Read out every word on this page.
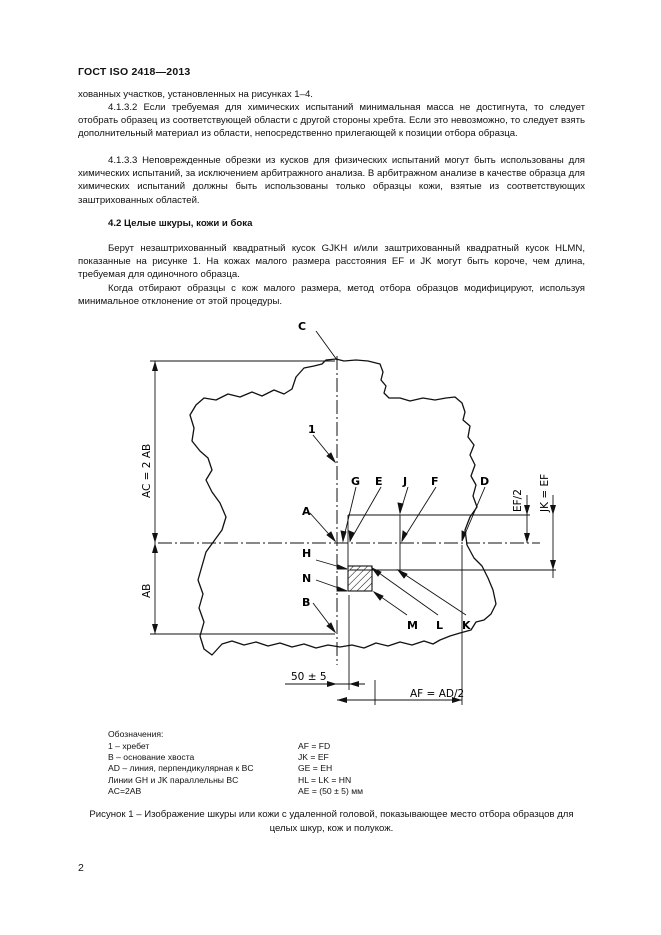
ГОСТ ISO 2418—2013
хованных участков, установленных на рисунках 1–4.
4.1.3.2 Если требуемая для химических испытаний минимальная масса не достигнута, то следует отобрать образец из соответствующей области с другой стороны хребта. Если это невозможно, то следует взять дополнительный материал из области, непосредственно прилегающей к позиции отбора образца.
4.1.3.3 Неповрежденные обрезки из кусков для физических испытаний могут быть использованы для химических испытаний, за исключением арбитражного анализа. В арбитражном анализе в качестве образца для химических испытаний должны быть использованы только образцы кожи, взятые из соответствующих заштрихованных областей.
4.2 Целые шкуры, кожи и бока
Берут незаштрихованный квадратный кусок GJKH и/или заштрихованный квадратный кусок HLMN, показанные на рисунке 1. На кожах малого размера расстояния EF и JK могут быть короче, чем длина, требуемая для одиночного образца.
Когда отбирают образцы с кож малого размера, метод отбора образцов модифицируют, используя минимальное отклонение от этой процедуры.
C
1
G E J F	D
A
H
N
B
M L K
AC = 2 AB
AB
EF/2 JK = EF
50 ± 5
AF = AD/2
Обозначения:
1 – хребет
B – основание хвоста
AD – линия, перпендикулярная к BC
Линии GH и JK параллельны BC
AC=2AB
AF = FD
JK = EF
GE = EH
HL = LK = HN
AE = (50 ± 5) мм
Рисунок 1 – Изображение шкуры или кожи с удаленной головой, показывающее место отбора образцов для целых шкур, кож и полукож.
2
